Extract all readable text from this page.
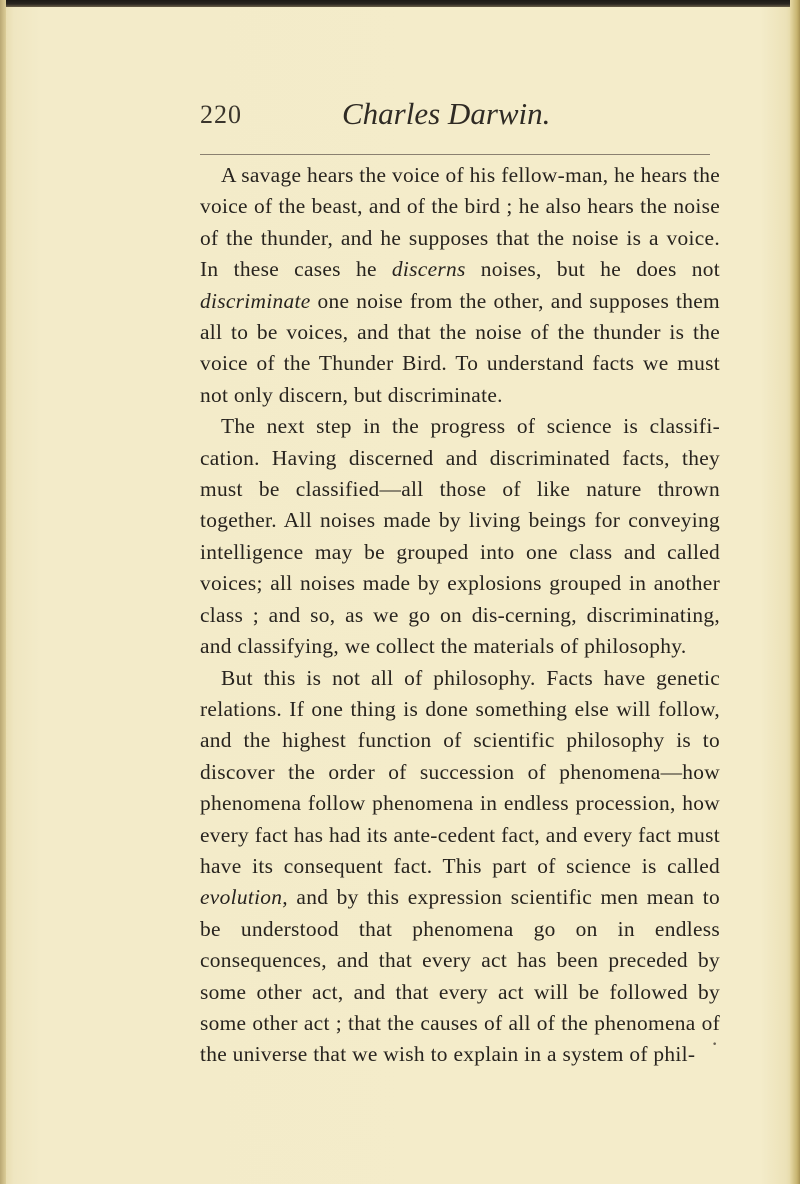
220	Charles Darwin.

A savage hears the voice of his fellow-man, he hears the voice of the beast, and of the bird ; he also hears the noise of the thunder, and he supposes that the noise is a voice. In these cases he discerns noises, but he does not discriminate one noise from the other, and supposes them all to be voices, and that the noise of the thunder is the voice of the Thunder Bird. To understand facts we must not only discern, but discriminate.

The next step in the progress of science is classifi-cation. Having discerned and discriminated facts, they must be classified—all those of like nature thrown together. All noises made by living beings for conveying intelligence may be grouped into one class and called voices; all noises made by explosions grouped in another class ; and so, as we go on dis-cerning, discriminating, and classifying, we collect the materials of philosophy.

But this is not all of philosophy. Facts have genetic relations. If one thing is done something else will follow, and the highest function of scientific philosophy is to discover the order of succession of phenomena—how phenomena follow phenomena in endless procession, how every fact has had its ante-cedent fact, and every fact must have its consequent fact. This part of science is called evolution, and by this expression scientific men mean to be understood that phenomena go on in endless consequences, and that every act has been preceded by some other act, and that every act will be followed by some other act ; that the causes of all of the phenomena of the universe that we wish to explain in a system of phil-	•
